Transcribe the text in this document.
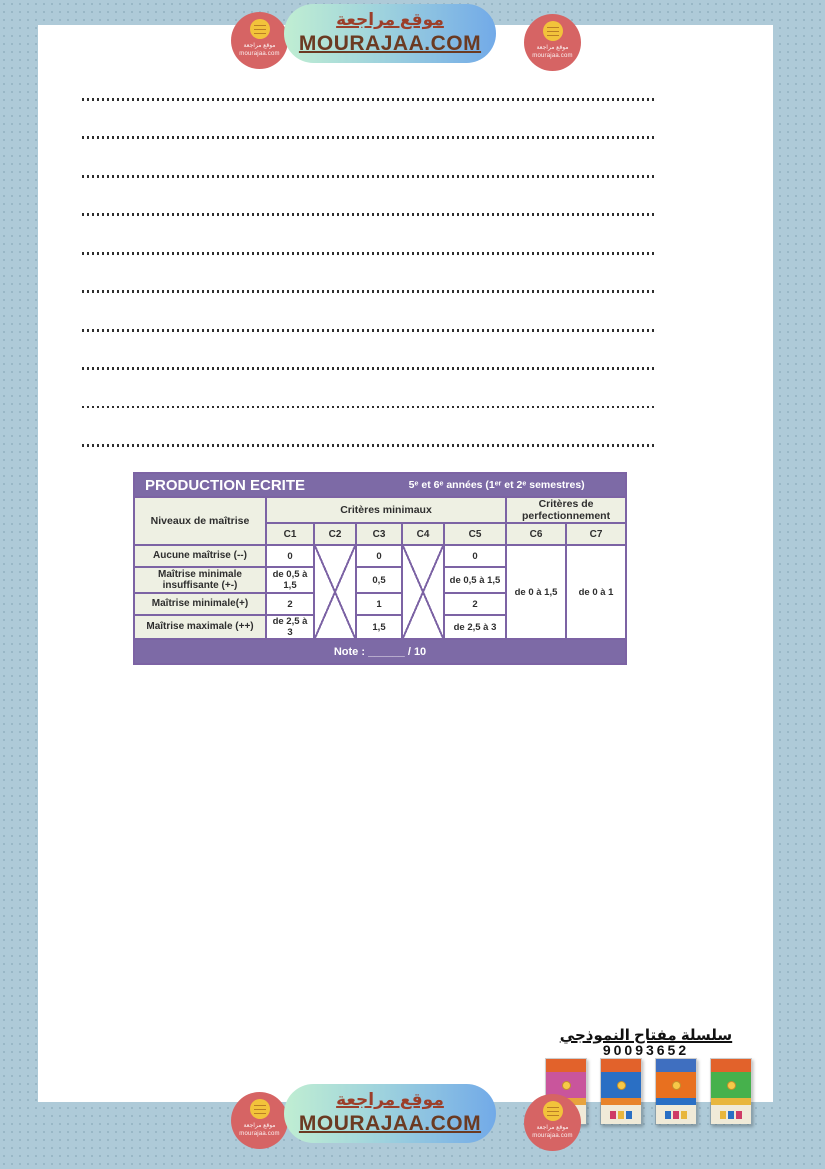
موقع مراجعة
mourajaa.com
موقع مراجعة
MOURAJAA.COM	موقع مراجعة
mourajaa.com
PRODUCTION ECRITE 5ᵉ et 6ᵉ années (1ᵉʳ et 2ᵉ semestres)							

Niveaux de maîtrise	Critères minimaux					Critères de perfectionnement	
	C1	C2	C3	C4	C5	C6	C7
Aucune maîtrise (--)	0		0		0	de 0 à 1,5	de 0 à 1
Maîtrise minimale insuffisante (+-)	de 0,5 à 1,5		0,5		de 0,5 à 1,5		
Maîtrise minimale(+)	2		1		2		
Maîtrise maximale (++)	de 2,5 à 3		1,5		de 2,5 à 3		
Note : ______ / 10							
سلسلة مفتاح النموذجي
90093652
موقع مراجعة
mourajaa.com
موقع مراجعة
MOURAJAA.COM	موقع مراجعة
mourajaa.com
